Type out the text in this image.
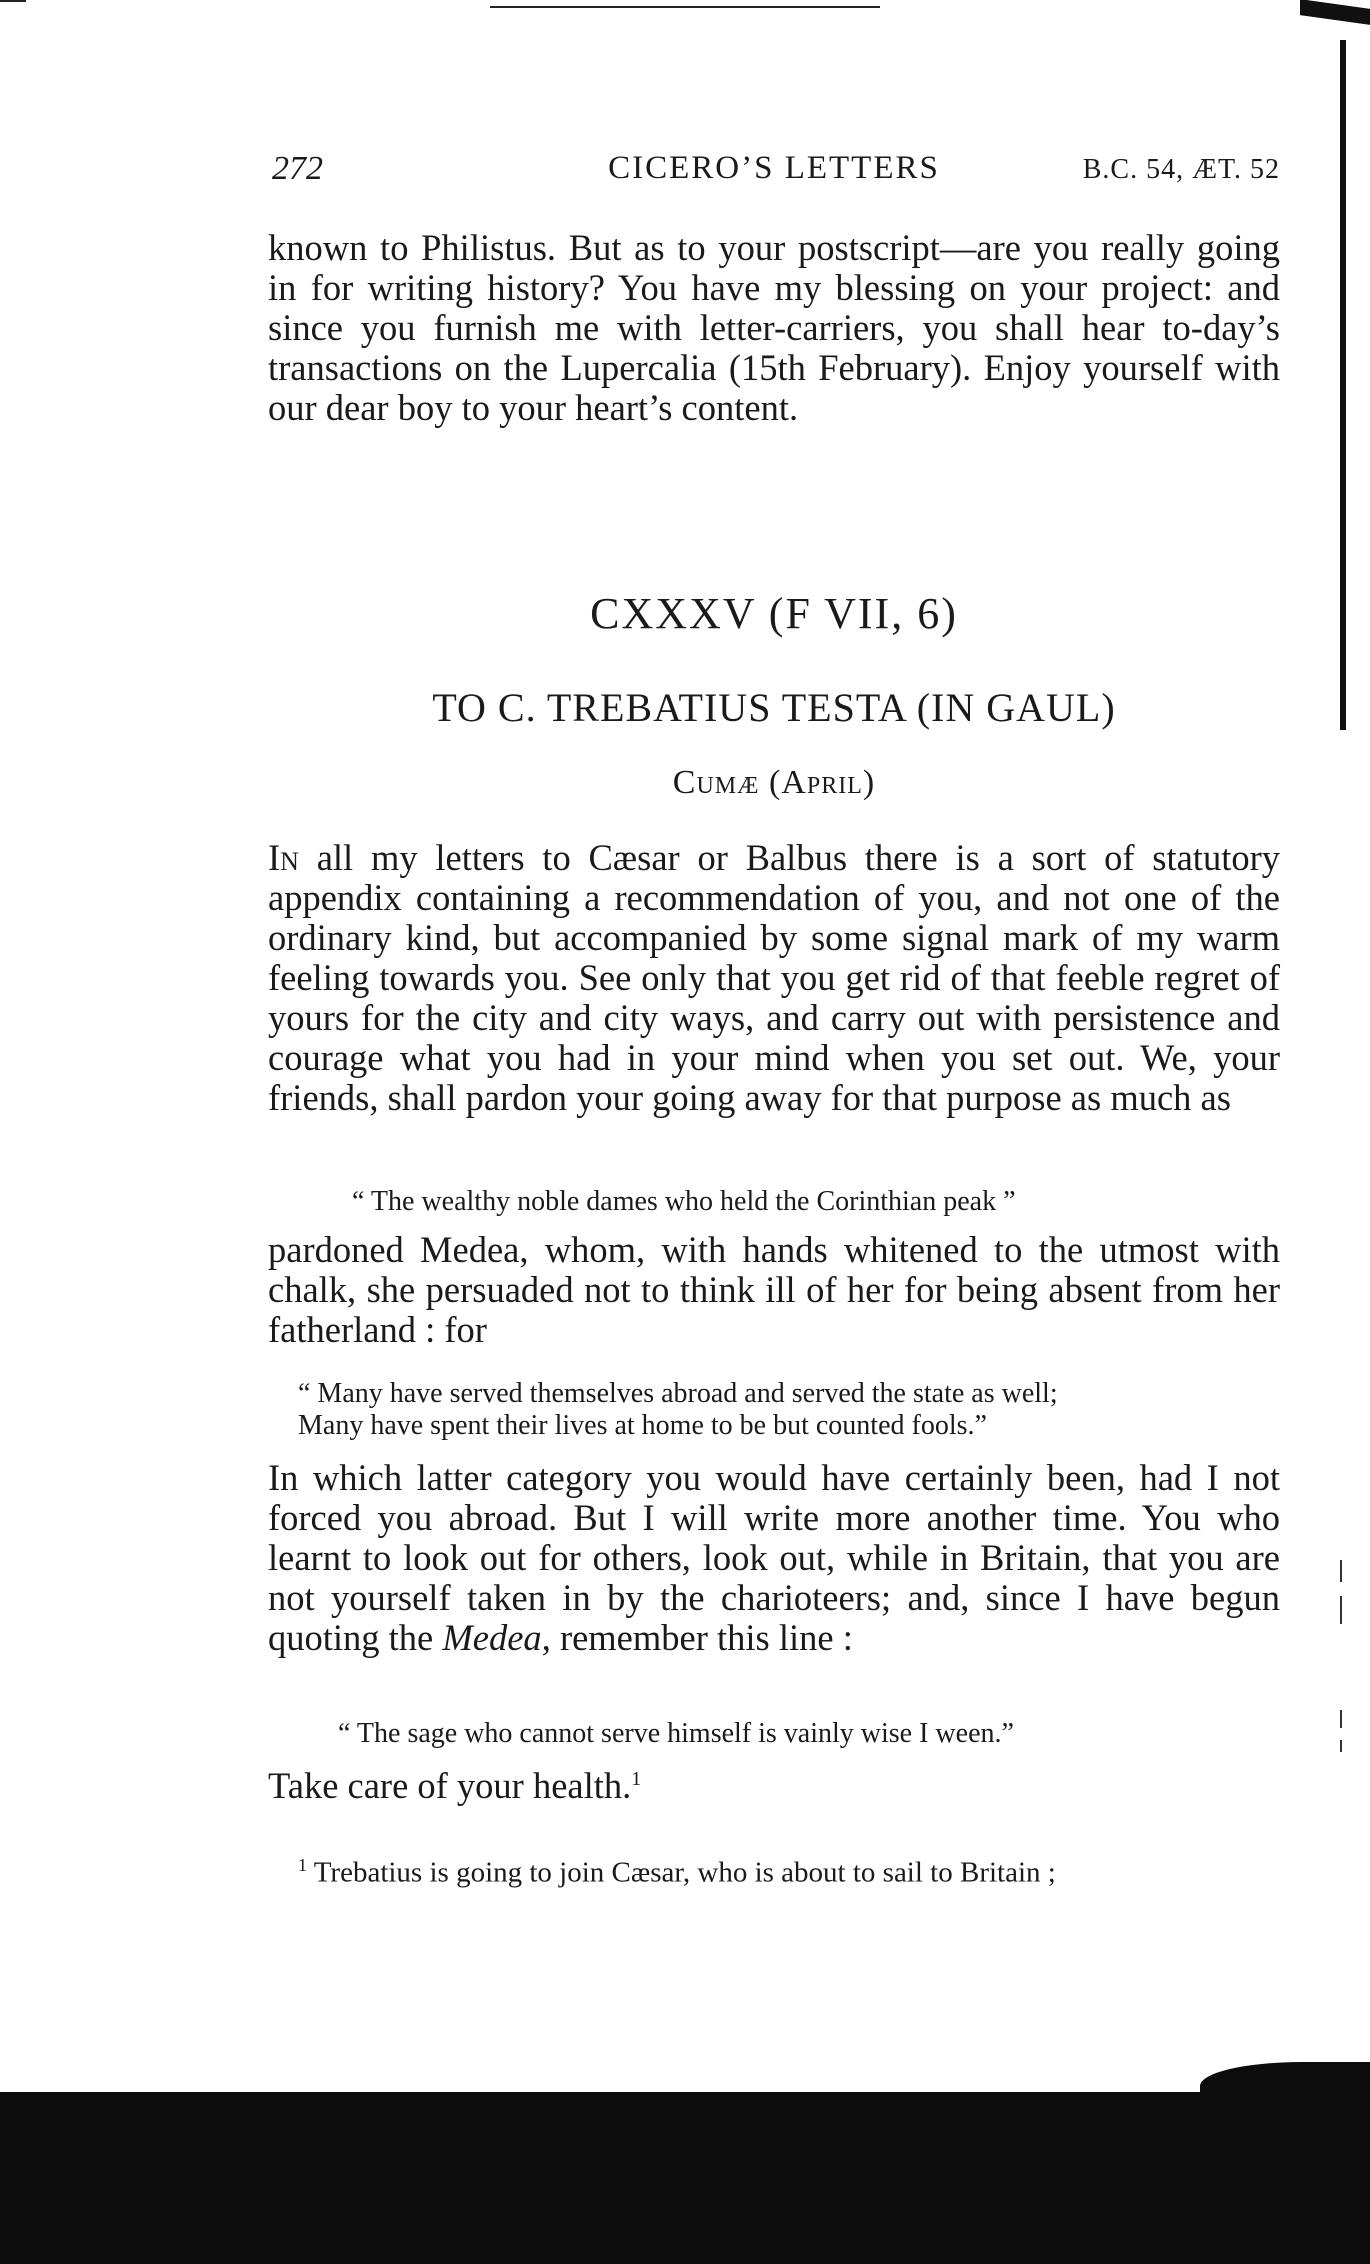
272	CICERO’S LETTERS	B.C. 54, ÆT. 52

known to Philistus. But as to your postscript—are you really going in for writing history? You have my blessing on your project: and since you furnish me with letter-carriers, you shall hear to-day’s transactions on the Lupercalia (15th February). Enjoy yourself with our dear boy to your heart’s content.

CXXXV (F VII, 6)
TO C. TREBATIUS TESTA (IN GAUL)
Cumæ (April)

In all my letters to Cæsar or Balbus there is a sort of statutory appendix containing a recommendation of you, and not one of the ordinary kind, but accompanied by some signal mark of my warm feeling towards you. See only that you get rid of that feeble regret of yours for the city and city ways, and carry out with persistence and courage what you had in your mind when you set out. We, your friends, shall pardon your going away for that purpose as much as

“ The wealthy noble dames who held the Corinthian peak ”

pardoned Medea, whom, with hands whitened to the utmost with chalk, she persuaded not to think ill of her for being absent from her fatherland : for

“ Many have served themselves abroad and served the state as well;
Many have spent their lives at home to be but counted fools.”

In which latter category you would have certainly been, had I not forced you abroad. But I will write more another time. You who learnt to look out for others, look out, while in Britain, that you are not yourself taken in by the charioteers; and, since I have begun quoting the Medea, remember this line :

“ The sage who cannot serve himself is vainly wise I ween.”

Take care of your health.$^1$

$^1$ Trebatius is going to join Cæsar, who is about to sail to Britain ;
